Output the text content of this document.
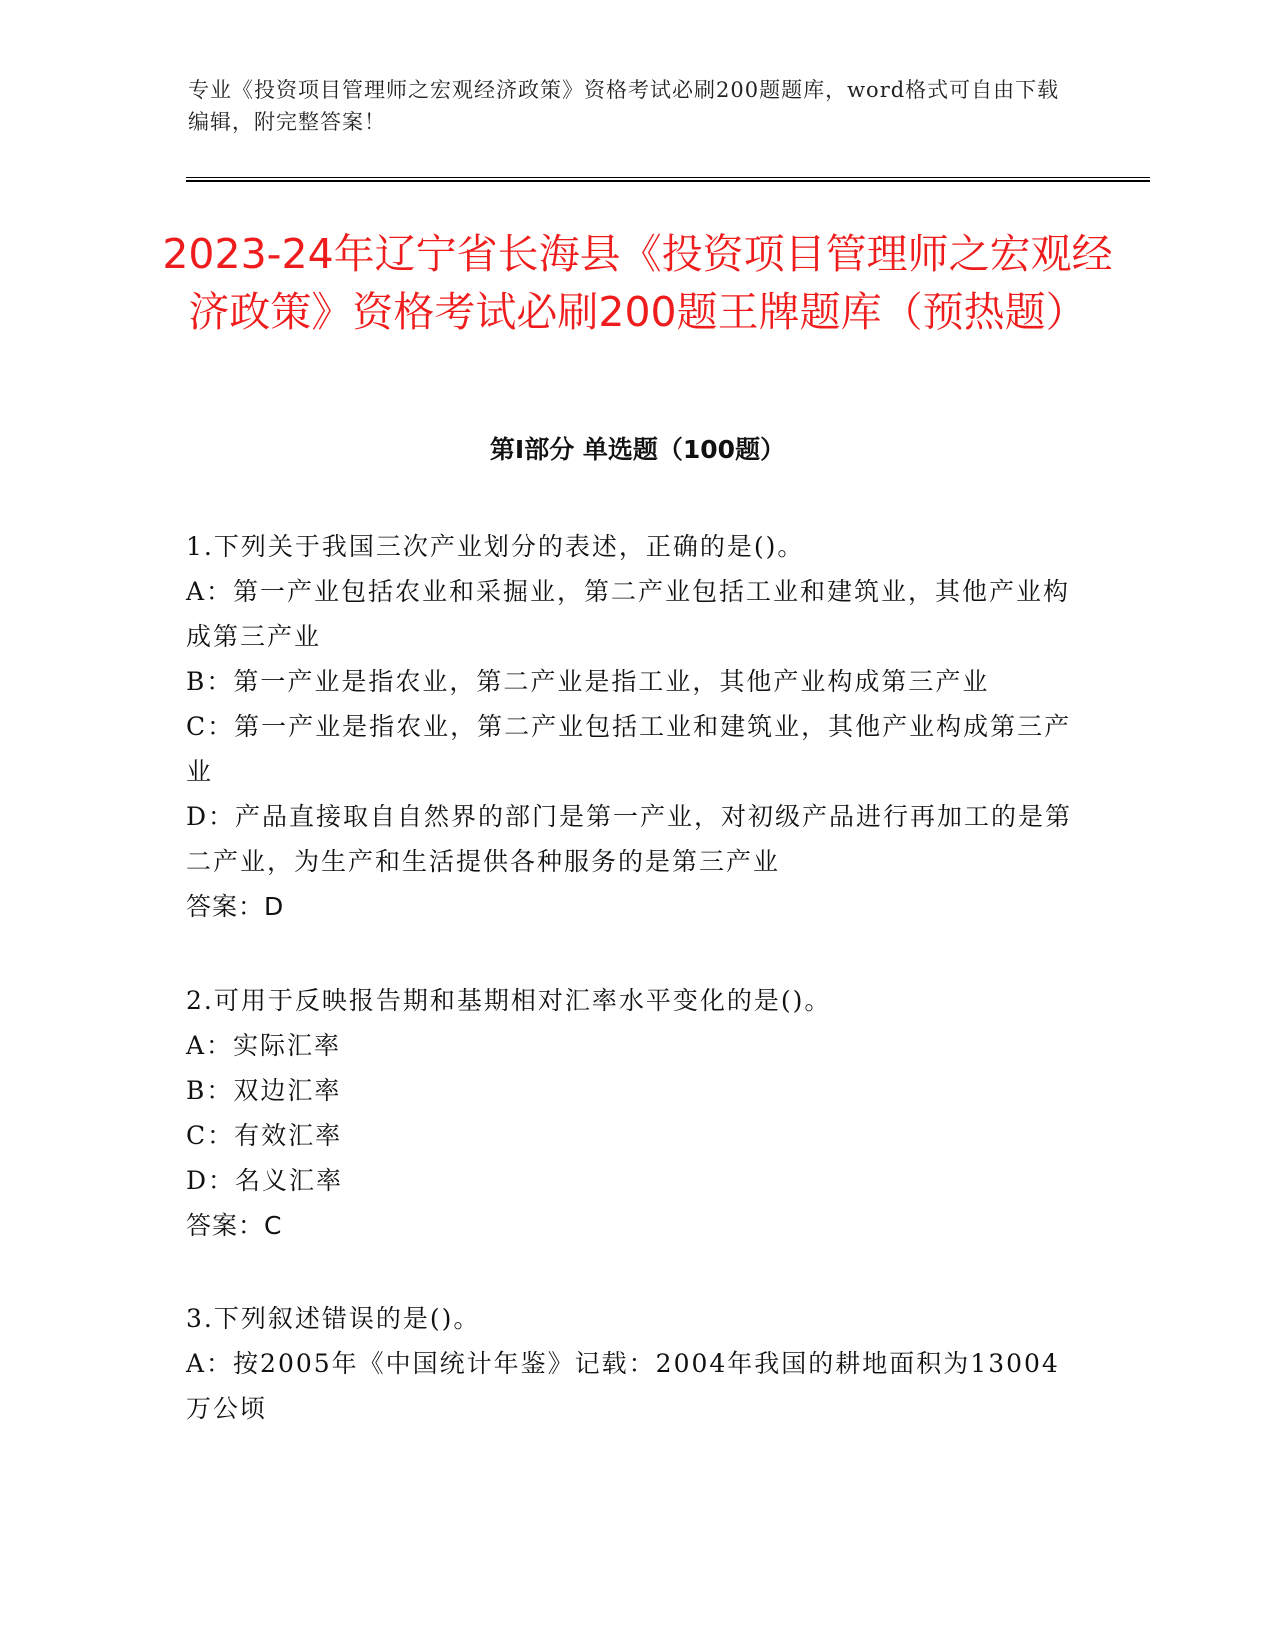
专业《投资项目管理师之宏观经济政策》资格考试必刷200题题库，word格式可自由下载编辑，附完整答案！
2023-24年辽宁省长海县《投资项目管理师之宏观经济政策》资格考试必刷200题王牌题库（预热题）
第Ⅰ部分 单选题（100题）

1.下列关于我国三次产业划分的表述，正确的是()。

A：第一产业包括农业和采掘业，第二产业包括工业和建筑业，其他产业构成第三产业

B：第一产业是指农业，第二产业是指工业，其他产业构成第三产业

C：第一产业是指农业，第二产业包括工业和建筑业，其他产业构成第三产业

D：产品直接取自自然界的部门是第一产业，对初级产品进行再加工的是第二产业，为生产和生活提供各种服务的是第三产业

答案：D

2.可用于反映报告期和基期相对汇率水平变化的是()。

A：实际汇率

B：双边汇率

C：有效汇率

D：名义汇率

答案：C

3.下列叙述错误的是()。

A：按2005年《中国统计年鉴》记载：2004年我国的耕地面积为13004万公顷
